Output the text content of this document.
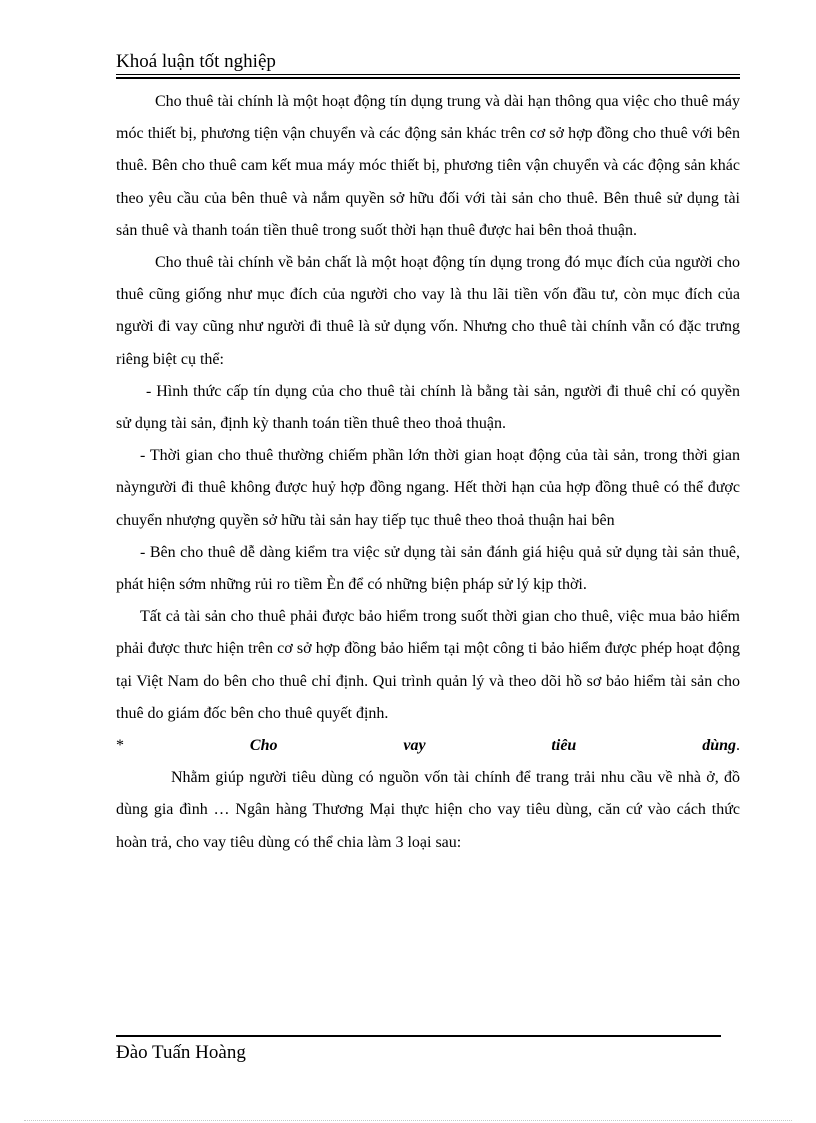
Khoá luận tốt nghiệp

Cho thuê tài chính là một hoạt động tín dụng trung và dài hạn thông qua việc cho thuê máy móc thiết bị, phương tiện vận chuyển và các động sản khác trên cơ sở hợp đồng cho thuê với bên thuê. Bên cho thuê cam kết mua máy móc thiết bị, phương tiên vận chuyển và các động sản khác theo yêu cầu của bên thuê và nắm quyền sở hữu đối với tài sản cho thuê. Bên thuê sử dụng tài sản thuê và thanh toán tiền thuê trong suốt thời hạn thuê được hai bên thoả thuận.

Cho thuê tài chính về bản chất là một hoạt động tín dụng trong đó mục đích của người cho thuê cũng giống như mục đích của người cho vay là thu lãi tiền vốn đầu tư, còn mục đích của người đi vay cũng như người đi thuê là sử dụng vốn. Nhưng cho thuê tài chính vẫn có đặc trưng riêng biệt cụ thể:

- Hình thức cấp tín dụng của cho thuê tài chính là bằng tài sản, người đi thuê chỉ có quyền sử dụng tài sản, định kỳ thanh toán tiền thuê theo thoả thuận.

- Thời gian cho thuê thường chiếm phần lớn thời gian hoạt động của tài sản, trong thời gian nàyngười đi thuê không được huỷ hợp đồng ngang. Hết thời hạn của hợp đồng thuê có thể được chuyển nhượng quyền sở hữu tài sản hay tiếp tục thuê theo thoả thuận hai bên

- Bên cho thuê dễ dàng kiểm tra việc sử dụng tài sản đánh giá hiệu quả sử dụng tài sản thuê, phát hiện sớm những rủi ro tiềm Èn để có những biện pháp sử lý kịp thời.

Tất cả tài sản cho thuê phải được bảo hiểm trong suốt thời gian cho thuê, việc mua bảo hiểm phải được thưc hiện trên cơ sở hợp đồng bảo hiểm tại một công ti bảo hiểm được phép hoạt động tại Việt Nam do bên cho thuê chỉ định. Qui trình quản lý và theo dõi hồ sơ bảo hiểm tài sản cho thuê do giám đốc bên cho thuê quyết định.

* Cho vay tiêu dùng.

Nhằm giúp người tiêu dùng có nguồn vốn tài chính để trang trải nhu cầu về nhà ở, đồ dùng gia đình … Ngân hàng Thương Mại thực hiện cho vay tiêu dùng, căn cứ vào cách thức hoàn trả, cho vay tiêu dùng có thể chia làm 3 loại sau:

Đào Tuấn Hoàng
